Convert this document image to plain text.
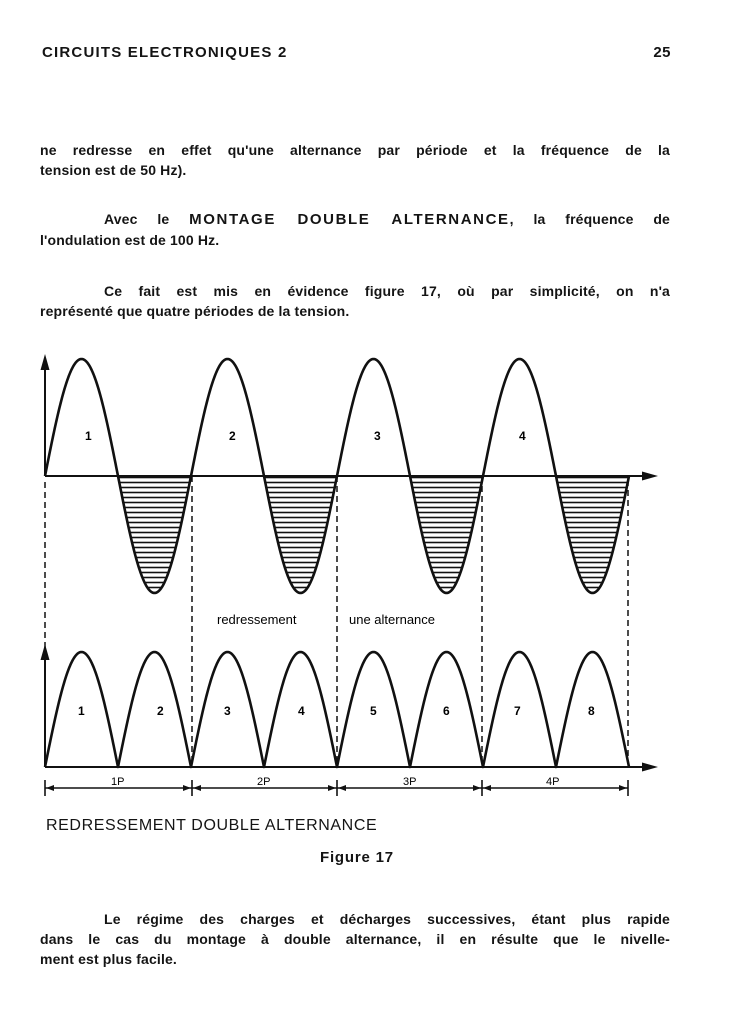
CIRCUITS ELECTRONIQUES 2	25
ne redresse en effet qu'une alternance par période et la fréquence de la
tension est de 50 Hz).
Avec le MONTAGE DOUBLE ALTERNANCE, la fréquence de
l'ondulation est de 100 Hz.
Ce fait est mis en évidence figure 17, où par simplicité, on n'a
représenté que quatre périodes de la tension.
1	2	3	4
redressement	une alternance
1	2	3	4	5	6	7	8
1P	2P	3P	4P
REDRESSEMENT DOUBLE ALTERNANCE
Figure 17
Le régime des charges et décharges successives, étant plus rapide
dans le cas du montage à double alternance, il en résulte que le nivelle-
ment est plus facile.
